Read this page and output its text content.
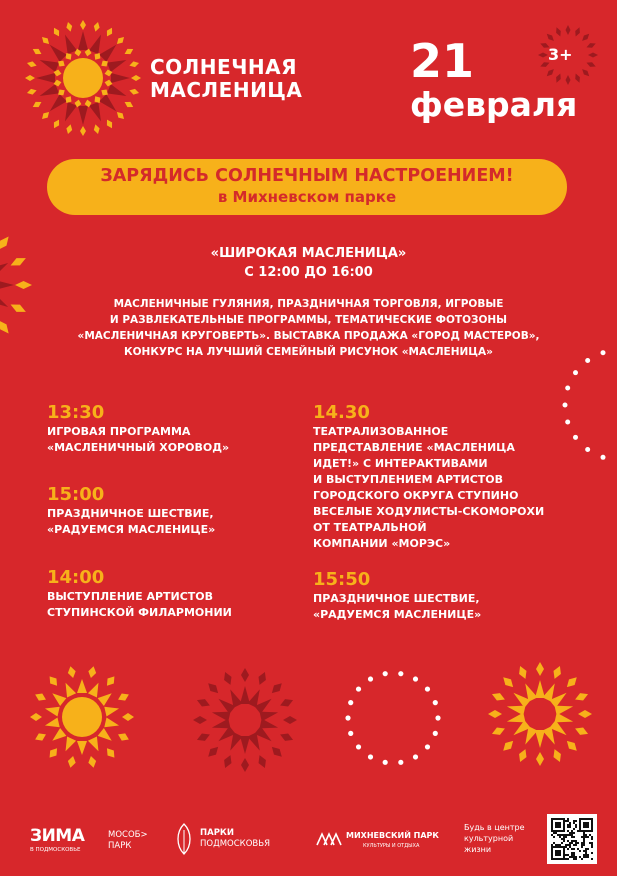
СОЛНЕЧНАЯ
МАСЛЕНИЦА
21
февраля
3+
ЗАРЯДИСЬ СОЛНЕЧНЫМ НАСТРОЕНИЕМ!
в Михневском парке
«ШИРОКАЯ МАСЛЕНИЦА»
С 12:00 ДО 16:00
МАСЛЕНИЧНЫЕ ГУЛЯНИЯ, ПРАЗДНИЧНАЯ ТОРГОВЛЯ, ИГРОВЫЕ
И РАЗВЛЕКАТЕЛЬНЫЕ ПРОГРАММЫ, ТЕМАТИЧЕСКИЕ ФОТОЗОНЫ
«МАСЛЕНИЧНАЯ КРУГОВЕРТЬ». ВЫСТАВКА ПРОДАЖА «ГОРОД МАСТЕРОВ»,
КОНКУРС НА ЛУЧШИЙ СЕМЕЙНЫЙ РИСУНОК «МАСЛЕНИЦА»
13:30
ИГРОВАЯ ПРОГРАММА
«МАСЛЕНИЧНЫЙ ХОРОВОД»
15:00
ПРАЗДНИЧНОЕ ШЕСТВИЕ,
«РАДУЕМСЯ МАСЛЕНИЦЕ»
14:00
ВЫСТУПЛЕНИЕ АРТИСТОВ
СТУПИНСКОЙ ФИЛАРМОНИИ
14.30
ТЕАТРАЛИЗОВАННОЕ
ПРЕДСТАВЛЕНИЕ «МАСЛЕНИЦА
ИДЕТ!» С ИНТЕРАКТИВАМИ
И ВЫСТУПЛЕНИЕМ АРТИСТОВ
ГОРОДСКОГО ОКРУГА СТУПИНО
ВЕСЕЛЫЕ ХОДУЛИСТЫ-СКОМОРОХИ
ОТ ТЕАТРАЛЬНОЙ
КОМПАНИИ «МОРЭС»
15:50
ПРАЗДНИЧНОЕ ШЕСТВИЕ,
«РАДУЕМСЯ МАСЛЕНИЦЕ»
ЗИМА
В ПОДМОСКОВЬЕ
МОСОБ>
ПАРК
ПАРКИ
ПОДМОСКОВЬЯ
МИХНЕВСКИЙ ПАРК
КУЛЬТУРЫ И ОТДЫХА
Будь в центре
культурной
жизни
